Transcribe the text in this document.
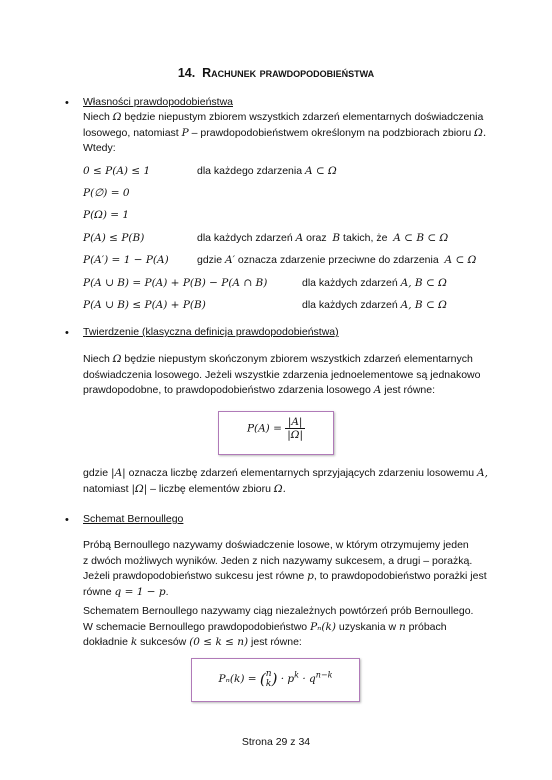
14. Rachunek prawdopodobieństwa
• Własności prawdopodobieństwa
Niech Ω będzie niepustym zbiorem wszystkich zdarzeń elementarnych doświadczenia
losowego, natomiast P – prawdopodobieństwem określonym na podzbiorach zbioru Ω.
Wtedy:
0 ≤ P(A) ≤ 1	dla każdego zdarzenia A ⊂ Ω
P(∅) = 0
P(Ω) = 1
P(A) ≤ P(B)	dla każdych zdarzeń A oraz  B takich, że  A ⊂ B ⊂ Ω
P(A′) = 1 − P(A)	gdzie A′ oznacza zdarzenie przeciwne do zdarzenia  A ⊂ Ω
P(A ∪ B) = P(A) + P(B) − P(A ∩ B)	dla każdych zdarzeń A, B ⊂ Ω
P(A ∪ B) ≤ P(A) + P(B)	dla każdych zdarzeń A, B ⊂ Ω
• Twierdzenie (klasyczna definicja prawdopodobieństwa)
Niech Ω będzie niepustym skończonym zbiorem wszystkich zdarzeń elementarnych
doświadczenia losowego. Jeżeli wszystkie zdarzenia jednoelementowe są jednakowo
prawdopodobne, to prawdopodobieństwo zdarzenia losowego A jest równe:
$P(A) = \frac{|A|}{|\Omega|}$
gdzie |A| oznacza liczbę zdarzeń elementarnych sprzyjających zdarzeniu losowemu A,
natomiast |Ω| – liczbę elementów zbioru Ω.
• Schemat Bernoullego
Próbą Bernoullego nazywamy doświadczenie losowe, w którym otrzymujemy jeden
z dwóch możliwych wyników. Jeden z nich nazywamy sukcesem, a drugi – porażką.
Jeżeli prawdopodobieństwo sukcesu jest równe p, to prawdopodobieństwo porażki jest
równe q = 1 − p.
Schematem Bernoullego nazywamy ciąg niezależnych powtórzeń prób Bernoullego.
W schemacie Bernoullego prawdopodobieństwo Pₙ(k) uzyskania w n próbach
dokładnie k sukcesów (0 ≤ k ≤ n) jest równe:
Pₙ(k) = ( n
k ) · $p^k \cdot q^{n-k}$
Strona 29 z 34
